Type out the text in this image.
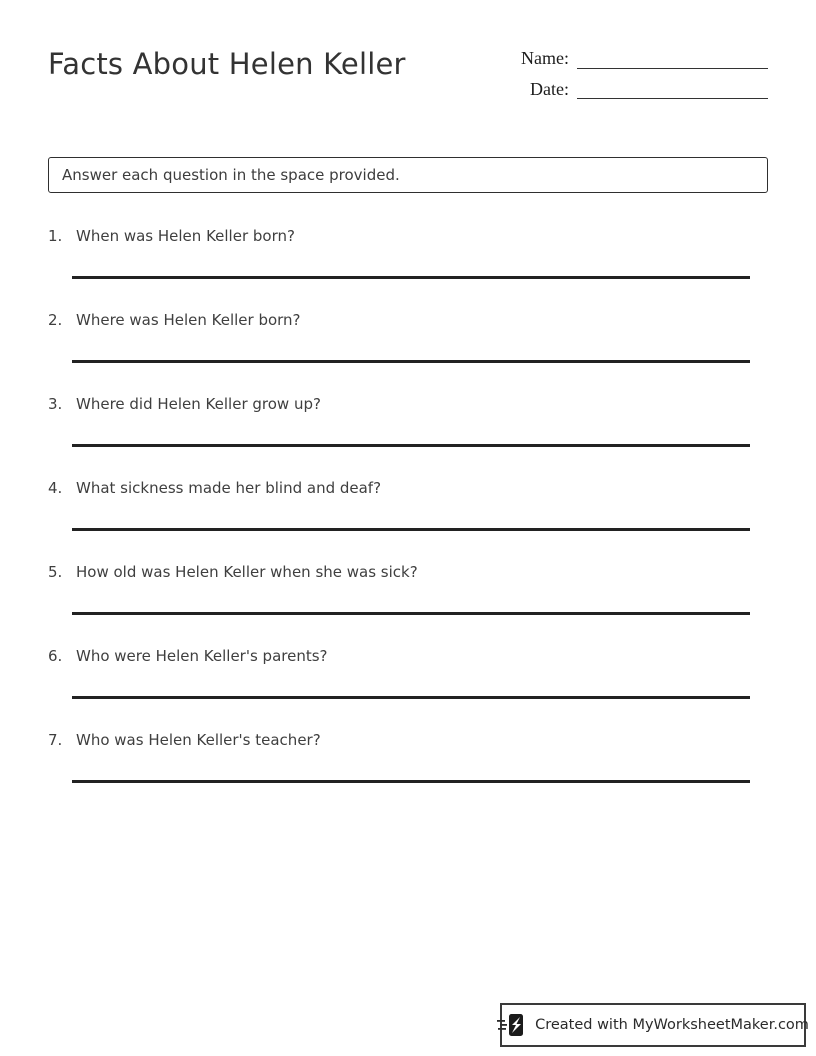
Facts About Helen Keller	Name:
Date:
Answer each question in the space provided.
1. When was Helen Keller born?
2. Where was Helen Keller born?
3. Where did Helen Keller grow up?
4. What sickness made her blind and deaf?
5. How old was Helen Keller when she was sick?
6. Who were Helen Keller's parents?
7. Who was Helen Keller's teacher?
Created with MyWorksheetMaker.com
